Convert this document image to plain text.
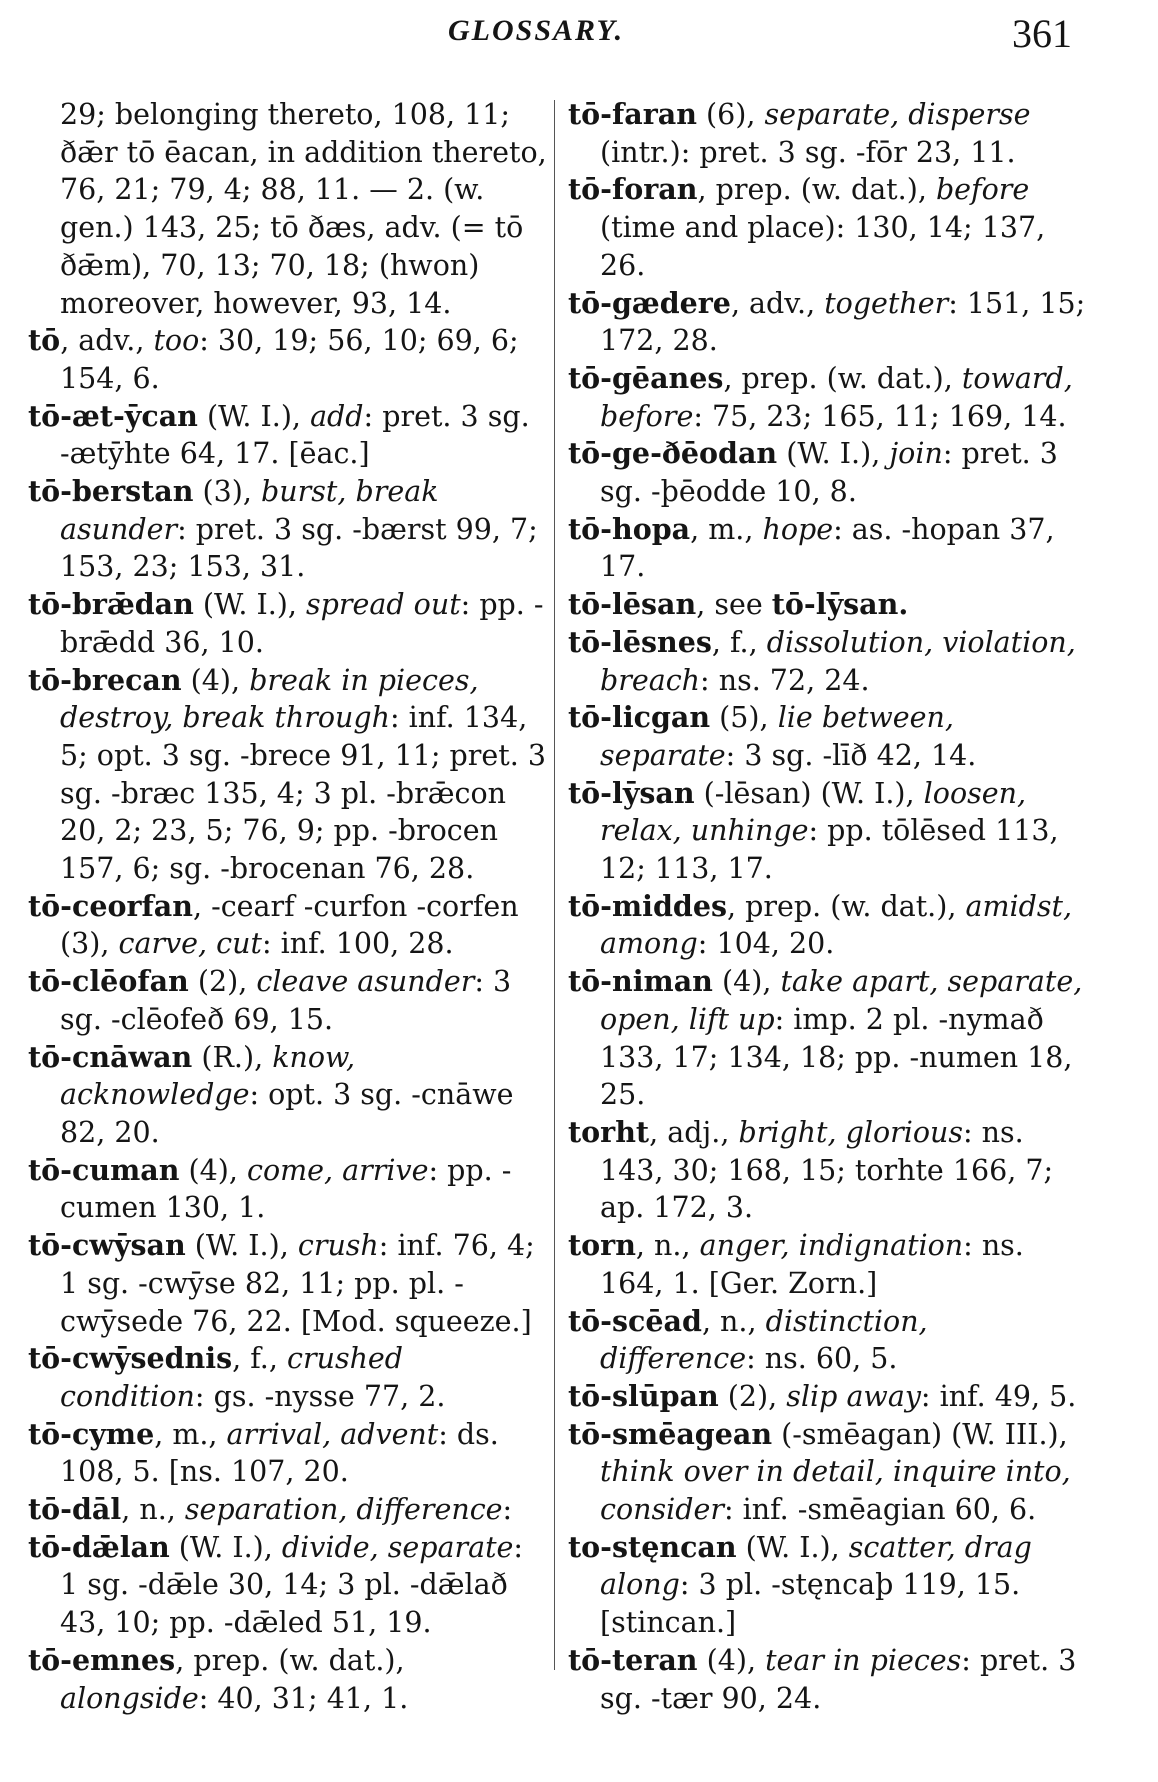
GLOSSARY.	361

29; belonging thereto, 108, 11; ðǣr tō ēacan, in addition thereto, 76, 21; 79, 4; 88, 11. — 2. (w. gen.) 143, 25; tō ðæs, adv. (= tō ðǣm), 70, 13; 70, 18; (hwon) moreover, however, 93, 14.

tō, adv., too: 30, 19; 56, 10; 69, 6; 154, 6.

tō-æt-ȳcan (W. I.), add: pret. 3 sg. -ætȳhte 64, 17. [ēac.]

tō-berstan (3), burst, break asunder: pret. 3 sg. -bærst 99, 7; 153, 23; 153, 31.

tō-brǣdan (W. I.), spread out: pp. -brǣdd 36, 10.

tō-brecan (4), break in pieces, destroy, break through: inf. 134, 5; opt. 3 sg. -brece 91, 11; pret. 3 sg. -bræc 135, 4; 3 pl. -brǣcon 20, 2; 23, 5; 76, 9; pp. -brocen 157, 6; sg. -brocenan 76, 28.

tō-ceorfan, -cearf -curfon -corfen (3), carve, cut: inf. 100, 28.

tō-clēofan (2), cleave asunder: 3 sg. -clēofeð 69, 15.

tō-cnāwan (R.), know, acknowledge: opt. 3 sg. -cnāwe 82, 20.

tō-cuman (4), come, arrive: pp. -cumen 130, 1.

tō-cwȳsan (W. I.), crush: inf. 76, 4; 1 sg. -cwȳse 82, 11; pp. pl. -cwȳsede 76, 22. [Mod. squeeze.]

tō-cwȳsednis, f., crushed condition: gs. -nysse 77, 2.

tō-cyme, m., arrival, advent: ds. 108, 5. [ns. 107, 20.

tō-dāl, n., separation, difference:

tō-dǣlan (W. I.), divide, separate: 1 sg. -dǣle 30, 14; 3 pl. -dǣlað 43, 10; pp. -dǣled 51, 19.

tō-emnes, prep. (w. dat.), alongside: 40, 31; 41, 1.

tō-faran (6), separate, disperse (intr.): pret. 3 sg. -fōr 23, 11.

tō-foran, prep. (w. dat.), before (time and place): 130, 14; 137, 26.

tō-gædere, adv., together: 151, 15; 172, 28.

tō-gēanes, prep. (w. dat.), toward, before: 75, 23; 165, 11; 169, 14.

tō-ge-ðēodan (W. I.), join: pret. 3 sg. -þēodde 10, 8.

tō-hopa, m., hope: as. -hopan 37, 17.

tō-lēsan, see tō-lȳsan.

tō-lēsnes, f., dissolution, violation, breach: ns. 72, 24.

tō-licgan (5), lie between, separate: 3 sg. -līð 42, 14.

tō-lȳsan (-lēsan) (W. I.), loosen, relax, unhinge: pp. tōlēsed 113, 12; 113, 17.

tō-middes, prep. (w. dat.), amidst, among: 104, 20.

tō-niman (4), take apart, separate, open, lift up: imp. 2 pl. -nymað 133, 17; 134, 18; pp. -numen 18, 25.

torht, adj., bright, glorious: ns. 143, 30; 168, 15; torhte 166, 7; ap. 172, 3.

torn, n., anger, indignation: ns. 164, 1. [Ger. Zorn.]

tō-scēad, n., distinction, difference: ns. 60, 5.

tō-slūpan (2), slip away: inf. 49, 5.

tō-smēagean (-smēagan) (W. III.), think over in detail, inquire into, consider: inf. -smēagian 60, 6.

to-stęncan (W. I.), scatter, drag along: 3 pl. -stęncaþ 119, 15. [stincan.]

tō-teran (4), tear in pieces: pret. 3 sg. -tær 90, 24.
